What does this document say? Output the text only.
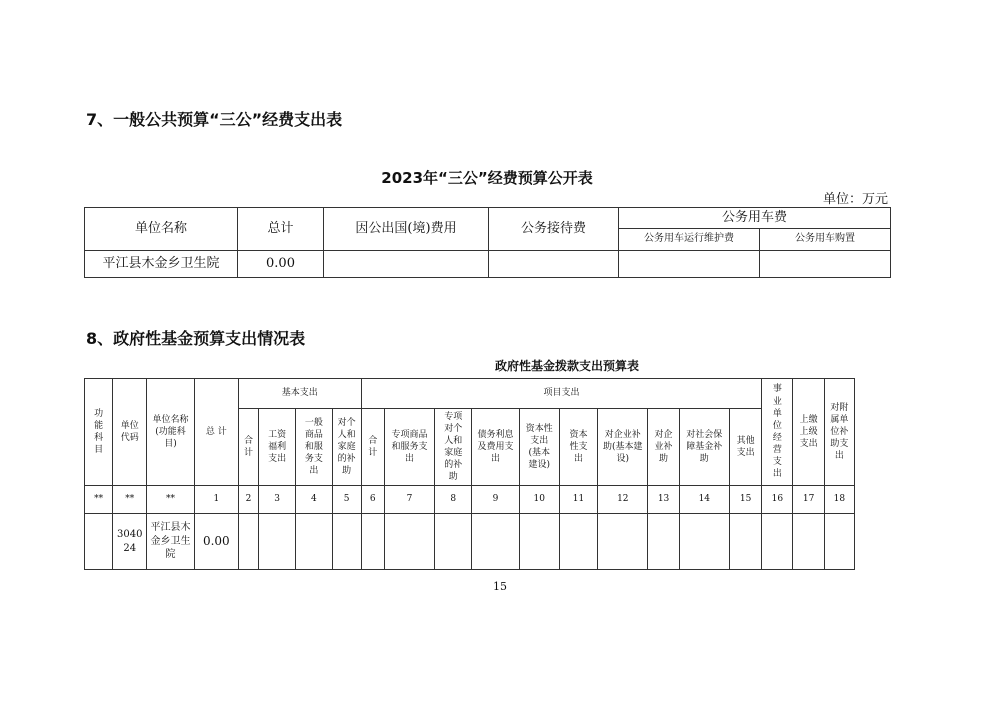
7、一般公共预算“三公”经费支出表
2023年“三公”经费预算公开表
单位：万元
单位名称	总计	因公出国(境)费用	公务接待费	公务用车费	
				公务用车运行维护费	公务用车购置
平江县木金乡卫生院	0.00				
8、政府性基金预算支出情况表
政府性基金拨款支出预算表
功能科目	单位代码	单位名称(功能科目)	总 计	基本支出				项目支出										事业单位经营支出	上缴上级支出	对附属单位补助支出
				合计	工资福利支出	一般商品和服务支出	对个人和家庭的补助	合计	专项商品和服务支出	专项对个人和家庭的补助	债务利息及费用支出	资本性支出(基本建设)	资本性支出	对企业补助(基本建设)	对企业补助	对社会保障基金补助	其他支出			
**	**	**	1	2	3	4	5	6	7	8	9	10	11	12	13	14	15	16	17	18
	304024	平江县木金乡卫生院	0.00																	
15
